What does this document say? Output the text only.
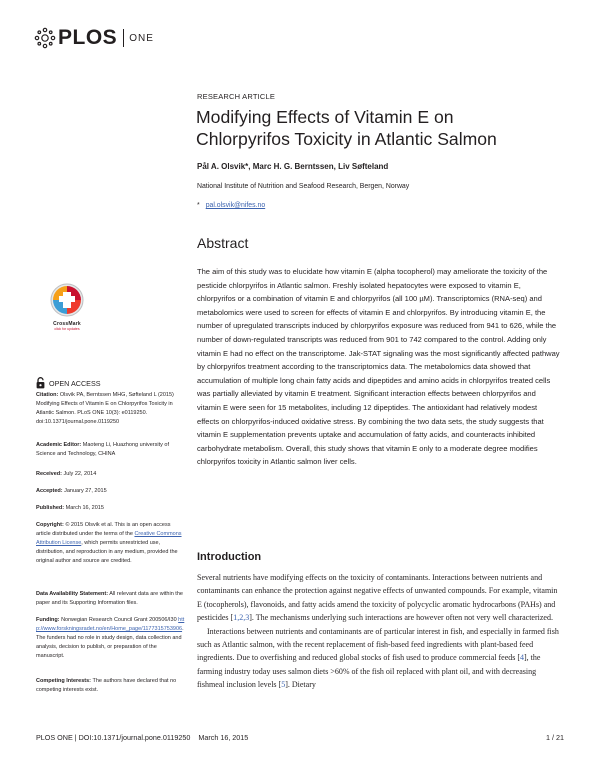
PLOS ONE
RESEARCH ARTICLE
Modifying Effects of Vitamin E on
Chlorpyrifos Toxicity in Atlantic Salmon
Pål A. Olsvik*, Marc H. G. Berntssen, Liv Søfteland
National Institute of Nutrition and Seafood Research, Bergen, Norway
* pal.olsvik@nifes.no
Abstract

The aim of this study was to elucidate how vitamin E (alpha tocopherol) may ameliorate the toxicity of the pesticide chlorpyrifos in Atlantic salmon. Freshly isolated hepatocytes were exposed to vitamin E, chlorpyrifos or a combination of vitamin E and chlorpyrifos (all 100 µM). Transcriptomics (RNA-seq) and metabolomics were used to screen for effects of vitamin E and chlorpyrifos. By introducing vitamin E, the number of upregulated transcripts induced by chlorpyrifos exposure was reduced from 941 to 626, while the number of down-regulated transcripts was reduced from 901 to 742 compared to the control. Adding only vitamin E had no effect on the transcriptome. Jak-STAT signaling was the most significantly affected pathway by chlorpyrifos treatment according to the transcriptomics data. The metabolomics data showed that accumulation of multiple long chain fatty acids and dipeptides and amino acids in chlorpyrifos treated cells was partially alleviated by vitamin E treatment. Significant interaction effects between chlorpyrifos and vitamin E were seen for 15 metabolites, including 12 dipeptides. The antioxidant had relatively modest effects on chlorpyrifos-induced oxidative stress. By combining the two data sets, the study suggests that vitamin E supplementation prevents uptake and accumulation of fatty acids, and counteracts inhibited carbohydrate metabolism. Overall, this study shows that vitamin E only to a moderate degree modifies chlorpyrifos toxicity in Atlantic salmon liver cells.

Introduction

Several nutrients have modifying effects on the toxicity of contaminants. Interactions between nutrients and contaminants can enhance the protection against negative effects of unwanted compounds. For example, vitamin E (tocopherols), flavonoids, and fatty acids amend the toxicity of polycyclic aromatic hydrocarbons (PAHs) and pesticides [1,2,3]. The mechanisms underlying such interactions are however often not very well characterized.
Interactions between nutrients and contaminants are of particular interest in fish, and especially in farmed fish such as Atlantic salmon, with the recent replacement of fish-based feed ingredients with plant-based feed ingredients. Due to overfishing and reduced global stocks of fish used to produce commercial feeds [4], the farming industry today uses salmon diets >60% of the fish oil replaced with plant oil, and with decreasing fishmeal inclusion levels [5]. Dietary

CrossMark
click for updates
OPEN ACCESS

Citation: Olsvik PA, Berntssen MHG, Søfteland L (2015) Modifying Effects of Vitamin E on Chlorpyrifos Toxicity in Atlantic Salmon. PLoS ONE 10(3): e0119250. doi:10.1371/journal.pone.0119250

Academic Editor: Maoteng Li, Huazhong university of Science and Technology, CHINA

Received: July 22, 2014

Accepted: January 27, 2015

Published: March 16, 2015

Copyright: © 2015 Olsvik et al. This is an open access article distributed under the terms of the Creative Commons Attribution License, which permits unrestricted use, distribution, and reproduction in any medium, provided the original author and source are credited.

Data Availability Statement: All relevant data are within the paper and its Supporting Information files.

Funding: Norwegian Research Council Grant 200506/I30 http://www.forskningsradet.no/en/Home_page/1177315753906. The funders had no role in study design, data collection and analysis, decision to publish, or preparation of the manuscript.

Competing Interests: The authors have declared that no competing interests exist.

PLOS ONE | DOI:10.1371/journal.pone.0119250    March 16, 2015	1 / 21
